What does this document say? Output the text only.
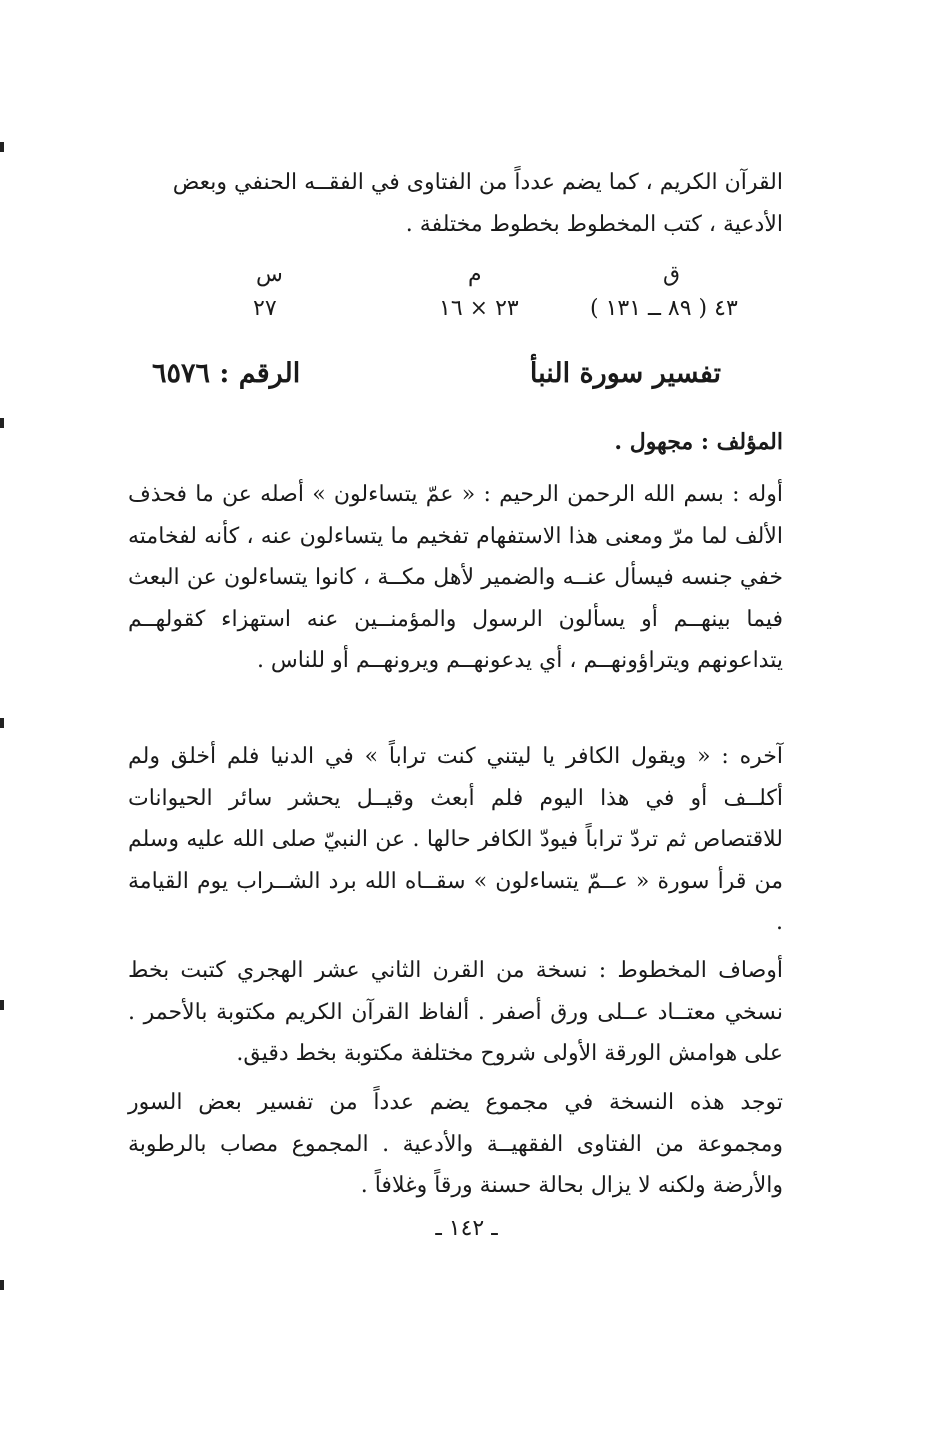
القرآن الكريم ، كما يضم عدداً من الفتاوى في الفقــه الحنفي وبعض

الأدعية ، كتب المخطوط بخطوط مختلفة .

ق
م
س
٤٣ ( ٨٩ ــ ١٣١ )
٢٣ × ١٦
٢٧
تفسير سورة النبأ
الرقم : ٦٥٧٦

المؤلف : مجهول .

أوله : بسم الله الرحمن الرحيم : « عمّ يتساءلون » أصله عن ما فحذف الألف لما مرّ ومعنى هذا الاستفهام تفخيم ما يتساءلون عنه ، كأنه لفخامته خفي جنسه فيسأل عنــه والضمير لأهل مكــة ، كانوا يتساءلون عن البعث فيما بينهــم أو يسألون الرسول والمؤمنــين عنه استهزاء كقولهــم يتداعونهم ويتراؤونهــم ، أي يدعونهــم ويرونهــم أو للناس .

آخره : « ويقول الكافر يا ليتني كنت تراباً » في الدنيا فلم أخلق ولم أكلــف أو في هذا اليوم فلم أبعث وقيــل يحشر سائر الحيوانات للاقتصاص ثم تردّ تراباً فيودّ الكافر حالها . عن النبيّ صلى الله عليه وسلم من قرأ سورة « عــمّ يتساءلون » سقــاه الله برد الشــراب يوم القيامة .

أوصاف المخطوط : نسخة من القرن الثاني عشر الهجري كتبت بخط نسخي معتــاد عــلى ورق أصفر . ألفاظ القرآن الكريم مكتوبة بالأحمر . على هوامش الورقة الأولى شروح مختلفة مكتوبة بخط دقيق.

توجد هذه النسخة في مجموع يضم عدداً من تفسير بعض السور ومجموعة من الفتاوى الفقهيــة والأدعية . المجموع مصاب بالرطوبة والأرضة ولكنه لا يزال بحالة حسنة ورقاً وغلافاً .

ـ ١٤٢ ـ
